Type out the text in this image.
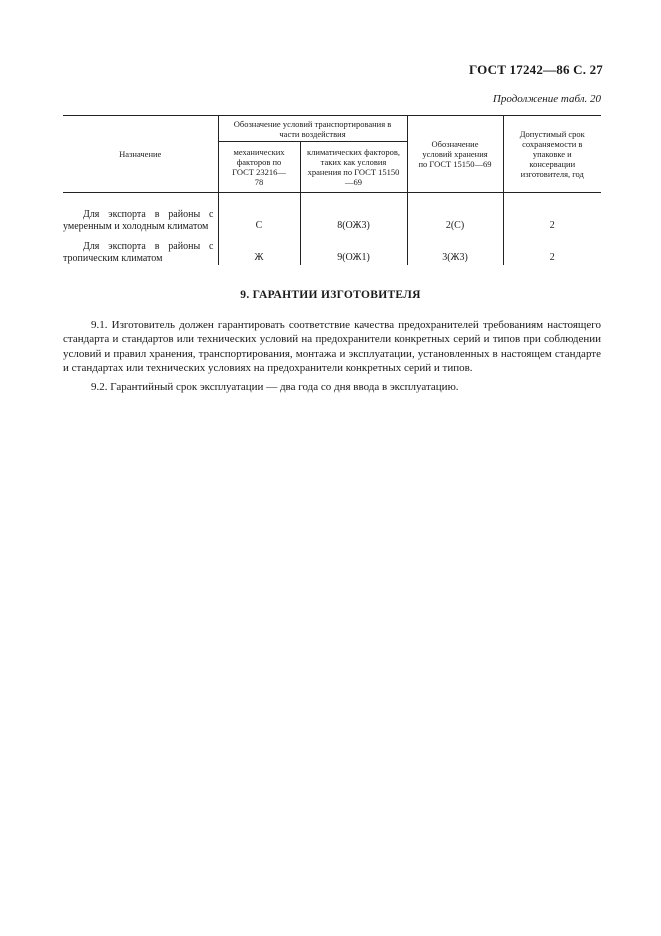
ГОСТ 17242—86 С. 27
Продолжение табл. 20
Назначение	Обозначение условий транспортирования в части воздействия		Обозначение условий хранения по ГОСТ 15150—69	Допустимый срок сохраняемости в упаковке и консервации изготовителя, год

	механических факторов по ГОСТ 23216—78	климатических факторов, таких как условия хранения по ГОСТ 15150—69		

Для экспорта в районы с умеренным и холодным климатом	С	8(ОЖ3)	2(С)	2

Для экспорта в районы с тропическим климатом	Ж	9(ОЖ1)	3(Ж3)	2
9. ГАРАНТИИ ИЗГОТОВИТЕЛЯ

9.1. Изготовитель должен гарантировать соответствие качества предохранителей требованиям настоящего стандарта и стандартов или технических условий на предохранители конкретных серий и типов при соблюдении условий и правил хранения, транспортирования, монтажа и эксплуатации, установленных в настоящем стандарте и стандартах или технических условиях на предохранители конкретных серий и типов.

9.2. Гарантийный срок эксплуатации — два года со дня ввода в эксплуатацию.
